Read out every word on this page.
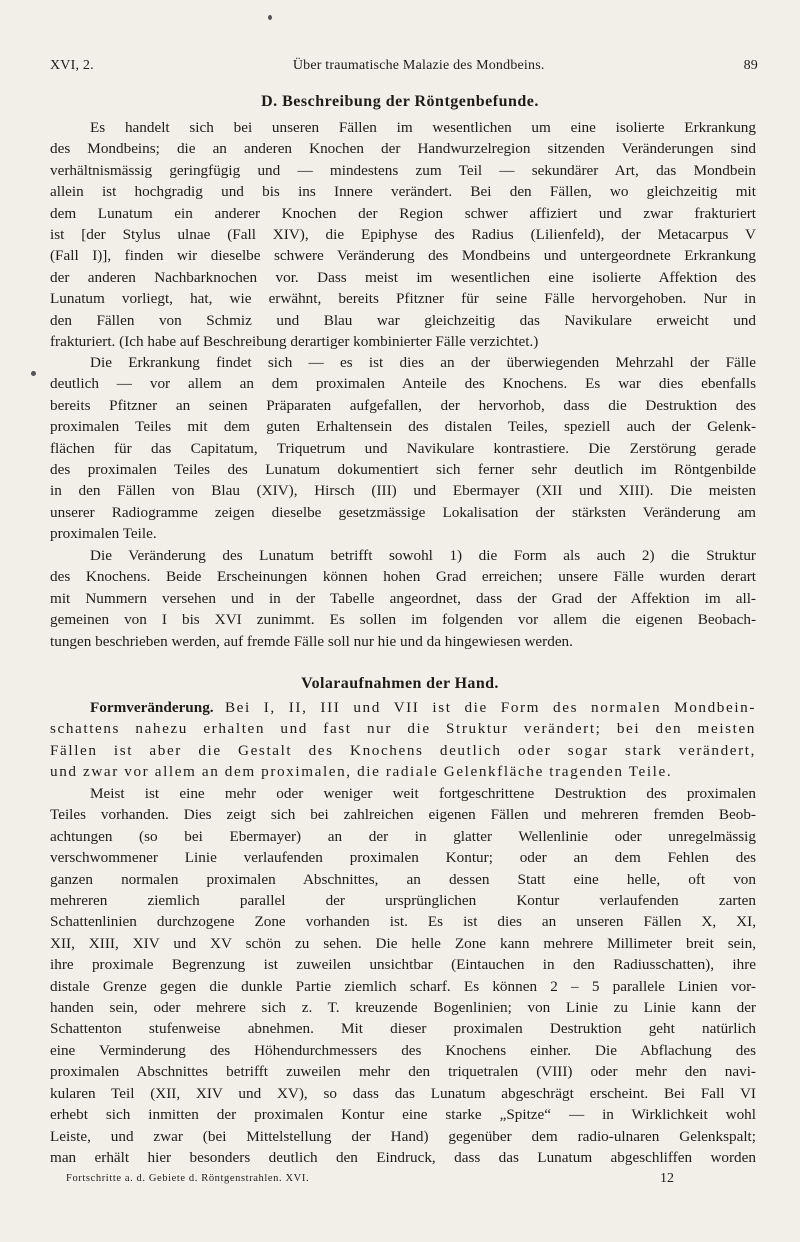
XVI, 2.	Über traumatische Malazie des Mondbeins.	89
D. Beschreibung der Röntgenbefunde.
Es handelt sich bei unseren Fällen im wesentlichen um eine isolierte Erkrankung
des Mondbeins; die an anderen Knochen der Handwurzelregion sitzenden Veränderungen sind
verhältnismässig geringfügig und — mindestens zum Teil — sekundärer Art, das Mondbein
allein ist hochgradig und bis ins Innere verändert. Bei den Fällen, wo gleichzeitig mit
dem Lunatum ein anderer Knochen der Region schwer affiziert und zwar frakturiert
ist [der Stylus ulnae (Fall XIV), die Epiphyse des Radius (Lilienfeld), der Metacarpus V
(Fall I)], finden wir dieselbe schwere Veränderung des Mondbeins und untergeordnete Erkrankung
der anderen Nachbarknochen vor. Dass meist im wesentlichen eine isolierte Affektion des
Lunatum vorliegt, hat, wie erwähnt, bereits Pfitzner für seine Fälle hervorgehoben. Nur in
den Fällen von Schmiz und Blau war gleichzeitig das Navikulare erweicht und
frakturiert. (Ich habe auf Beschreibung derartiger kombinierter Fälle verzichtet.)
Die Erkrankung findet sich — es ist dies an der überwiegenden Mehrzahl der Fälle
deutlich — vor allem an dem proximalen Anteile des Knochens. Es war dies ebenfalls
bereits Pfitzner an seinen Präparaten aufgefallen, der hervorhob, dass die Destruktion des
proximalen Teiles mit dem guten Erhaltensein des distalen Teiles, speziell auch der Gelenk-
flächen für das Capitatum, Triquetrum und Navikulare kontrastiere. Die Zerstörung gerade
des proximalen Teiles des Lunatum dokumentiert sich ferner sehr deutlich im Röntgenbilde
in den Fällen von Blau (XIV), Hirsch (III) und Ebermayer (XII und XIII). Die meisten
unserer Radiogramme zeigen dieselbe gesetzmässige Lokalisation der stärksten Veränderung am
proximalen Teile.
Die Veränderung des Lunatum betrifft sowohl 1) die Form als auch 2) die Struktur
des Knochens. Beide Erscheinungen können hohen Grad erreichen; unsere Fälle wurden derart
mit Nummern versehen und in der Tabelle angeordnet, dass der Grad der Affektion im all-
gemeinen von I bis XVI zunimmt. Es sollen im folgenden vor allem die eigenen Beobach-
tungen beschrieben werden, auf fremde Fälle soll nur hie und da hingewiesen werden.
Volaraufnahmen der Hand.
Formveränderung. Bei I, II, III und VII ist die Form des normalen Mondbein-
schattens nahezu erhalten und fast nur die Struktur verändert; bei den meisten
Fällen ist aber die Gestalt des Knochens deutlich oder sogar stark verändert,
und zwar vor allem an dem proximalen, die radiale Gelenkfläche tragenden Teile.
Meist ist eine mehr oder weniger weit fortgeschrittene Destruktion des proximalen
Teiles vorhanden. Dies zeigt sich bei zahlreichen eigenen Fällen und mehreren fremden Beob-
achtungen (so bei Ebermayer) an der in glatter Wellenlinie oder unregelmässig
verschwommener Linie verlaufenden proximalen Kontur; oder an dem Fehlen des
ganzen normalen proximalen Abschnittes, an dessen Statt eine helle, oft von
mehreren ziemlich parallel der ursprünglichen Kontur verlaufenden zarten
Schattenlinien durchzogene Zone vorhanden ist. Es ist dies an unseren Fällen X, XI,
XII, XIII, XIV und XV schön zu sehen. Die helle Zone kann mehrere Millimeter breit sein,
ihre proximale Begrenzung ist zuweilen unsichtbar (Eintauchen in den Radiusschatten), ihre
distale Grenze gegen die dunkle Partie ziemlich scharf. Es können 2 – 5 parallele Linien vor-
handen sein, oder mehrere sich z. T. kreuzende Bogenlinien; von Linie zu Linie kann der
Schattenton stufenweise abnehmen. Mit dieser proximalen Destruktion geht natürlich
eine Verminderung des Höhendurchmessers des Knochens einher. Die Abflachung des
proximalen Abschnittes betrifft zuweilen mehr den triquetralen (VIII) oder mehr den navi-
kularen Teil (XII, XIV und XV), so dass das Lunatum abgeschrägt erscheint. Bei Fall VI
erhebt sich inmitten der proximalen Kontur eine starke „Spitze“ — in Wirklichkeit wohl
Leiste, und zwar (bei Mittelstellung der Hand) gegenüber dem radio-ulnaren Gelenkspalt;
man erhält hier besonders deutlich den Eindruck, dass das Lunatum abgeschliffen worden
Fortschritte a. d. Gebiete d. Röntgenstrahlen. XVI.	12
